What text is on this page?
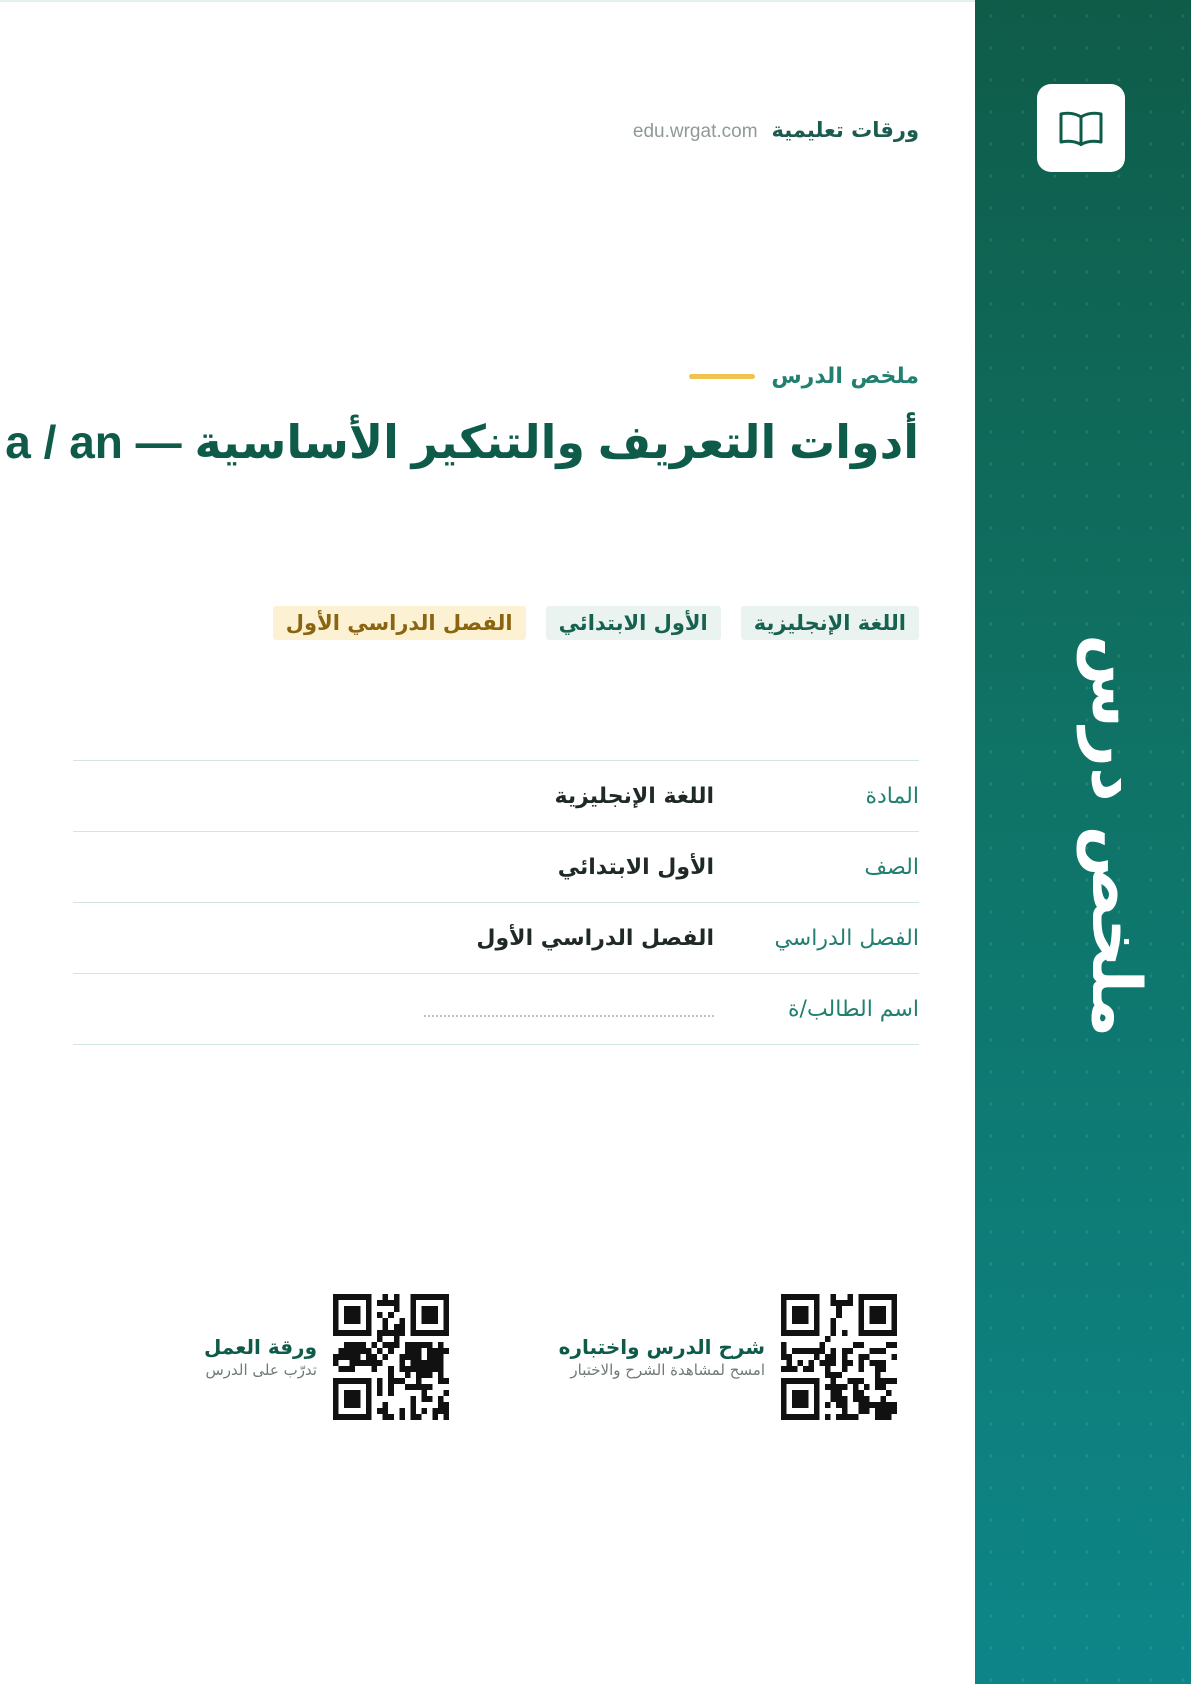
ملخص درس
ورقات تعليمية
edu.wrgat.com
ملخص الدرس
أدوات التعريف والتنكير الأساسية — a / an
اللغة الإنجليزية
الأول الابتدائي
الفصل الدراسي الأول
المادة
اللغة الإنجليزية
الصف
الأول الابتدائي
الفصل الدراسي
الفصل الدراسي الأول
اسم الطالب/ة
شرح الدرس واختباره
امسح لمشاهدة الشرح والاختبار
ورقة العمل
تدرّب على الدرس
